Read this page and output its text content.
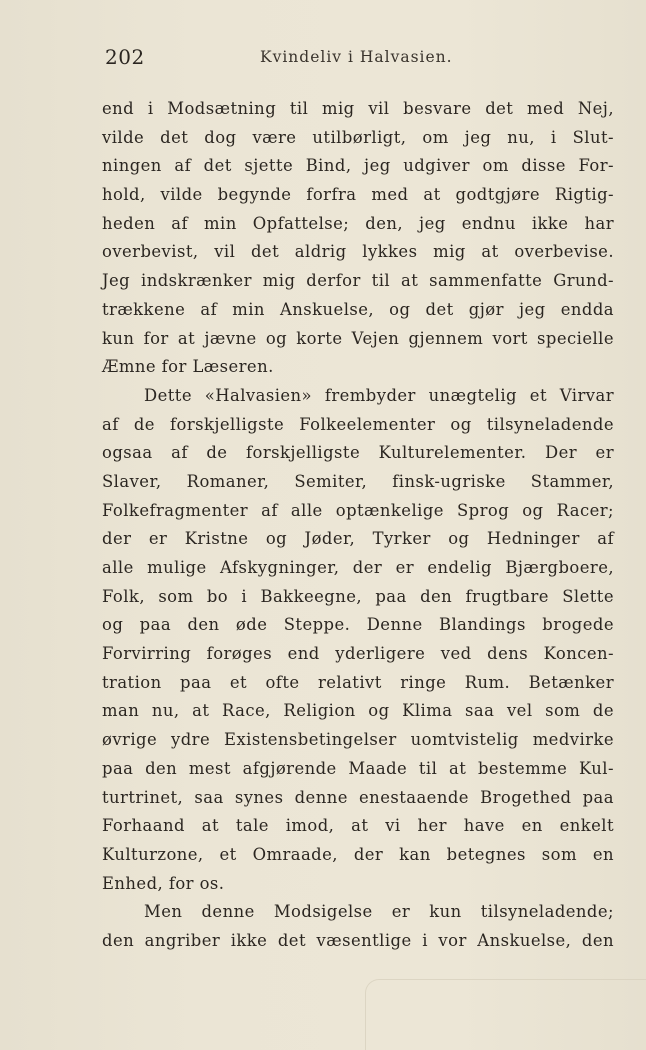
202	Kvindeliv i Halvasien.
end i Modsætning til mig vil besvare det med Nej,
vilde det dog være utilbørligt, om jeg nu, i Slut-
ningen af det sjette Bind, jeg udgiver om disse For-
hold, vilde begynde forfra med at godtgjøre Rigtig-
heden af min Opfattelse; den, jeg endnu ikke har
overbevist, vil det aldrig lykkes mig at overbevise.
Jeg indskrænker mig derfor til at sammenfatte Grund-
trækkene af min Anskuelse, og det gjør jeg endda
kun for at jævne og korte Vejen gjennem vort specielle
Æmne for Læseren.
Dette «Halvasien» frembyder unægtelig et Virvar
af de forskjelligste Folkeelementer og tilsyneladende
ogsaa af de forskjelligste Kulturelementer. Der er
Slaver, Romaner, Semiter, finsk-ugriske Stammer,
Folkefragmenter af alle optænkelige Sprog og Racer;
der er Kristne og Jøder, Tyrker og Hedninger af
alle mulige Afskygninger, der er endelig Bjærgboere,
Folk, som bo i Bakkeegne, paa den frugtbare Slette
og paa den øde Steppe. Denne Blandings brogede
Forvirring forøges end yderligere ved dens Koncen-
tration paa et ofte relativt ringe Rum. Betænker
man nu, at Race, Religion og Klima saa vel som de
øvrige ydre Existensbetingelser uomtvistelig medvirke
paa den mest afgjørende Maade til at bestemme Kul-
turtrinet, saa synes denne enestaaende Brogethed paa
Forhaand at tale imod, at vi her have en enkelt
Kulturzone, et Omraade, der kan betegnes som en
Enhed, for os.
Men denne Modsigelse er kun tilsyneladende;
den angriber ikke det væsentlige i vor Anskuelse, den
